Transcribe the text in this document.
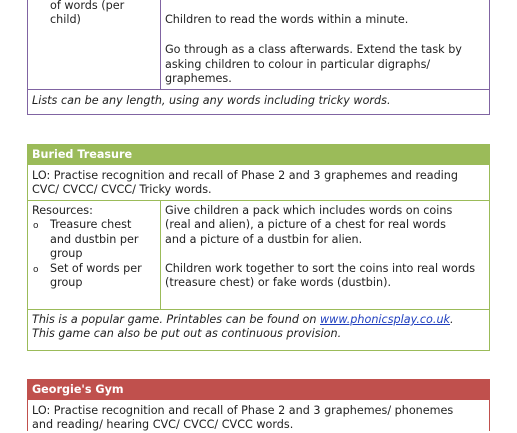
of words (per
child)	Children to read the words within a minute.
Go through as a class afterwards. Extend the task by
asking children to colour in particular digraphs/
graphemes.
Lists can be any length, using any words including tricky words.
Buried Treasure
LO: Practise recognition and recall of Phase 2 and 3 graphemes and reading
CVC/ CVCC/ CVCC/ Tricky words.
Resources:
o Treasure chest
and dustbin per
group
o Set of words per
group
Give children a pack which includes words on coins
(real and alien), a picture of a chest for real words
and a picture of a dustbin for alien.
Children work together to sort the coins into real words
(treasure chest) or fake words (dustbin).
This is a popular game. Printables can be found on www.phonicsplay.co.uk.
This game can also be put out as continuous provision.
Georgie's Gym
LO: Practise recognition and recall of Phase 2 and 3 graphemes/ phonemes
and reading/ hearing CVC/ CVCC/ CVCC words.
